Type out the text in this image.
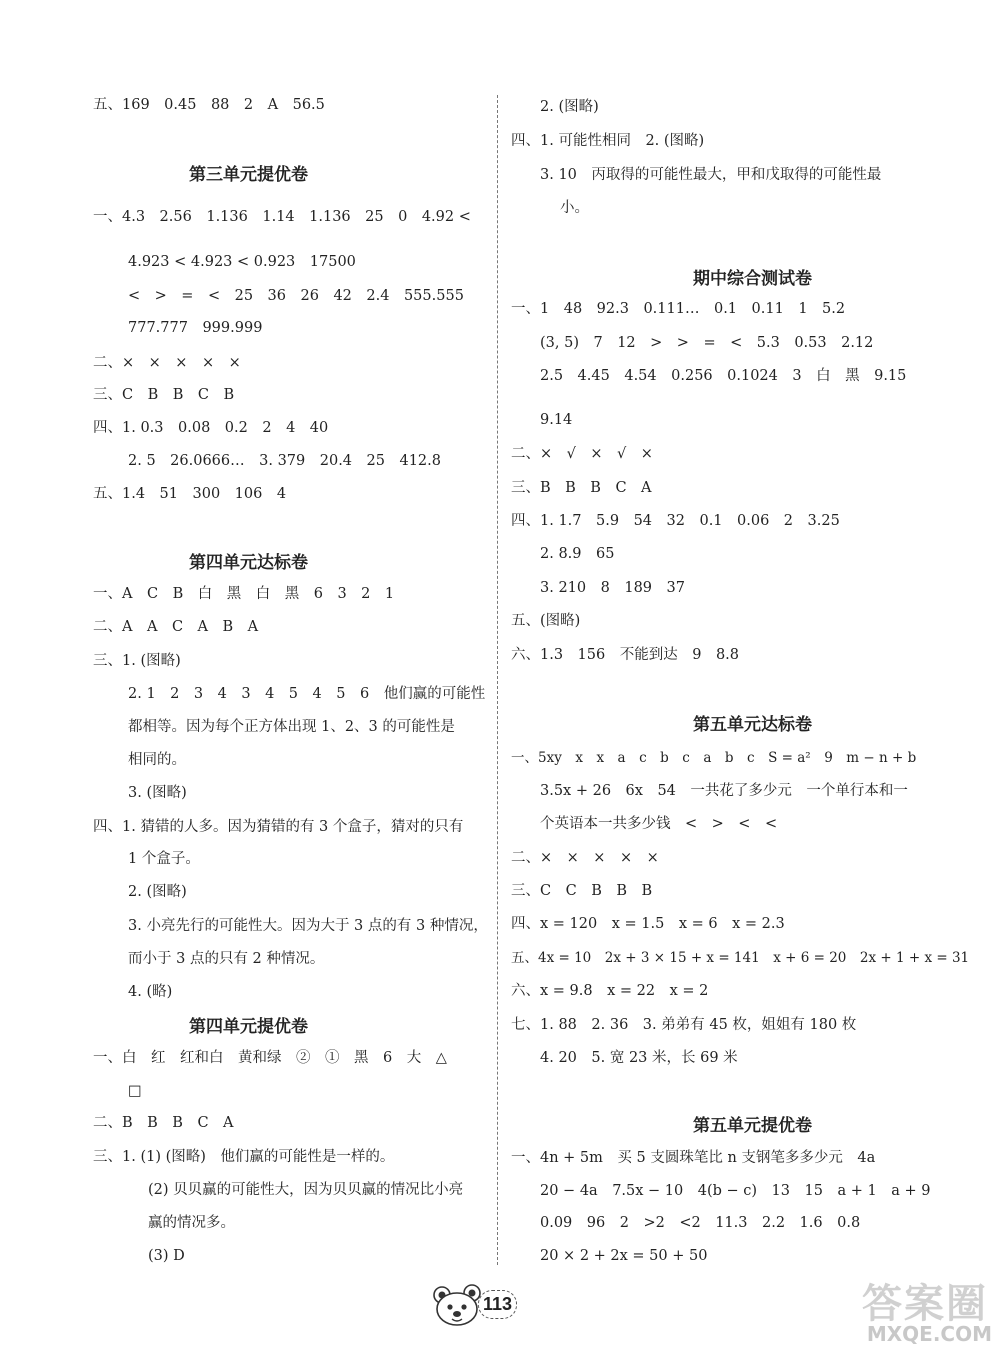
五、169　0.45　88　2　A　56.5
第三单元提优卷
一、4.3　2.56　1.136　1.14　1.136　25　0　4.92 <
4.923 < 4.923 < 0.923　17500
<　>　=　<　25　36　26　42　2.4　555.555
777.777　999.999
二、×　×　×　×　×
三、C　B　B　C　B
四、1. 0.3　0.08　0.2　2　4　40
2. 5　26.0666…　3. 379　20.4　25　412.8
五、1.4　51　300　106　4
第四单元达标卷
一、A　C　B　白　黑　白　黑　6　3　2　1
二、A　A　C　A　B　A
三、1. (图略)
2. 1　2　3　4　3　4　5　4　5　6　他们赢的可能性
都相等。因为每个正方体出现 1、2、3 的可能性是
相同的。
3. (图略)
四、1. 猜错的人多。因为猜错的有 3 个盒子，猜对的只有
1 个盒子。
2. (图略)
3. 小亮先行的可能性大。因为大于 3 点的有 3 种情况，
而小于 3 点的只有 2 种情况。
4. (略)
第四单元提优卷
一、白　红　红和白　黄和绿　②　①　黑　6　大　△
□
二、B　B　B　C　A
三、1. (1) (图略)　他们赢的可能性是一样的。
(2) 贝贝赢的可能性大，因为贝贝赢的情况比小亮
赢的情况多。
(3) D
2. (图略)
四、1. 可能性相同　2. (图略)
3. 10　丙取得的可能性最大，甲和戊取得的可能性最
小。
期中综合测试卷
一、1　48　92.3　0.111…　0.1　0.11　1　5.2
(3, 5)　7　12　>　>　=　<　5.3　0.53　2.12
2.5　4.45　4.54　0.256　0.1024　3　白　黑　9.15
9.14
二、×　√　×　√　×
三、B　B　B　C　A
四、1. 1.7　5.9　54　32　0.1　0.06　2　3.25
2. 8.9　65
3. 210　8　189　37
五、(图略)
六、1.3　156　不能到达　9　8.8
第五单元达标卷
一、5xy　x　x　a　c　b　c　a　b　c　S = a²　9　m − n + b
3.5x + 26　6x　54　一共花了多少元　一个单行本和一
个英语本一共多少钱　<　>　<　<
二、×　×　×　×　×
三、C　C　B　B　B
四、x = 120　x = 1.5　x = 6　x = 2.3
五、4x = 10　2x + 3 × 15 + x = 141　x + 6 = 20　2x + 1 + x = 31
六、x = 9.8　x = 22　x = 2
七、1. 88　2. 36　3. 弟弟有 45 枚，姐姐有 180 枚
4. 20　5. 宽 23 米，长 69 米
第五单元提优卷
一、4n + 5m　买 5 支圆珠笔比 n 支钢笔多多少元　4a
20 − 4a　7.5x − 10　4(b − c)　13　15　a + 1　a + 9
0.09　96　2　>2　<2　11.3　2.2　1.6　0.8
20 × 2 + 2x = 50 + 50
113	答案圈
MXQE.COM
